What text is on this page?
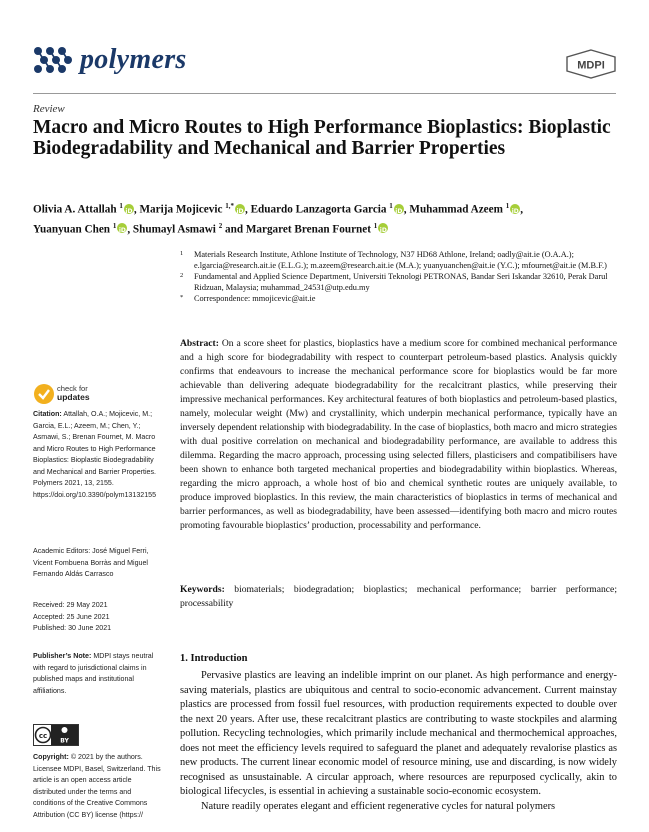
polymers	MDPI
Review
Macro and Micro Routes to High Performance Bioplastics: Bioplastic Biodegradability and Mechanical and Barrier Properties
Olivia A. Attallah $^1$ iD , Marija Mojicevic $^{1,*}$ iD , Eduardo Lanzagorta Garcia $^1$ iD , Muhammad Azeem $^1$iD ,
Yuanyuan Chen $^1$ iD , Shumayl Asmawi $^2$ and Margaret Brenan Fournet $^1$iD
1 Materials Research Institute, Athlone Institute of Technology, N37 HD68 Athlone, Ireland; oadly@ait.ie (O.A.A.); e.lgarcia@research.ait.ie (E.L.G.); m.azeem@research.ait.ie (M.A.); yuanyuanchen@ait.ie (Y.C.); mfournet@ait.ie (M.B.F.)
2 Fundamental and Applied Science Department, Universiti Teknologi PETRONAS, Bandar Seri Iskandar 32610, Perak Darul Ridzuan, Malaysia; muhammad_24531@utp.edu.my
* Correspondence: mmojicevic@ait.ie
Abstract: On a score sheet for plastics, bioplastics have a medium score for combined mechanical performance and a high score for biodegradability with respect to counterpart petroleum-based plastics. Analysis quickly confirms that endeavours to increase the mechanical performance score for bioplastics would be far more achievable than delivering adequate biodegradability for the recalcitrant plastics, while preserving their impressive mechanical performances. Key architectural features of both bioplastics and petroleum-based plastics, namely, molecular weight (Mw) and crystallinity, which underpin mechanical performance, typically have an inversely dependent relationship with biodegradability. In the case of bioplastics, both macro and micro strategies with dual positive correlation on mechanical and biodegradability performance, are available to address this dilemma. Regarding the macro approach, processing using selected fillers, plasticisers and compatibilisers have been shown to enhance both targeted mechanical properties and biodegradability within bioplastics. Whereas, regarding the micro approach, a whole host of bio and chemical synthetic routes are uniquely available, to produce improved bioplastics. In this review, the main characteristics of bioplastics in terms of mechanical and barrier performances, as well as biodegradability, have been assessed—identifying both macro and micro routes promoting favourable bioplastics’ production, processability and performance.
Keywords: biomaterials; biodegradation; bioplastics; mechanical performance; barrier performance; processability
check for
updates
Citation: Attallah, O.A.; Mojicevic, M.; Garcia, E.L.; Azeem, M.; Chen, Y.; Asmawi, S.; Brenan Fournet, M. Macro and Micro Routes to High Performance Bioplastics: Bioplastic Biodegradability and Mechanical and Barrier Properties. Polymers 2021, 13, 2155. https://doi.org/10.3390/polym13132155
Academic Editors: José Miguel Ferri, Vicent Fombuena Borràs and Miguel Fernando Aldás Carrasco
Received: 29 May 2021
Accepted: 25 June 2021
Published: 30 June 2021
Publisher’s Note: MDPI stays neutral with regard to jurisdictional claims in published maps and institutional affiliations.
cc
BY
Copyright: © 2021 by the authors. Licensee MDPI, Basel, Switzerland. This article is an open access article distributed under the terms and conditions of the Creative Commons Attribution (CC BY) license (https://
1. Introduction

Pervasive plastics are leaving an indelible imprint on our planet. As high performance and energy-saving materials, plastics are ubiquitous and central to socio-economic advancement. Current mainstay plastics are processed from fossil fuel resources, with production requirements expected to double over the next 20 years. After use, these recalcitrant plastics are contributing to waste stockpiles and alarming pollution. Recycling technologies, which primarily include mechanical and thermochemical approaches, does not meet the efficiency levels required to safeguard the planet and adequately revalorise plastics as new products. The current linear economic model of resource mining, use and discarding, is now widely recognised as unsustainable. A circular approach, where resources are repurposed cyclically, akin to biological lifecycles, is essential in achieving a sustainable socio-economic ecosystem.

Nature readily operates elegant and efficient regenerative cycles for natural polymers
